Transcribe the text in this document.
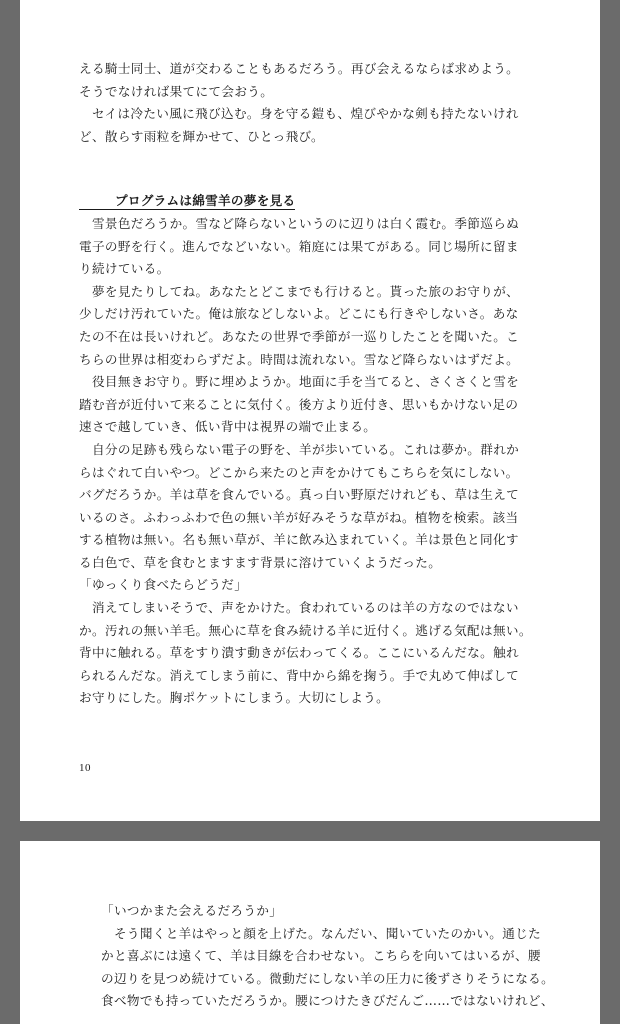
える騎士同士、道が交わることもあるだろう。再び会えるならば求めよう。
そうでなければ果てにて会おう。
　セイは冷たい風に飛び込む。身を守る鎧も、煌びやかな剣も持たないけれ
ど、散らす雨粒を輝かせて、ひとっ飛び。
プログラムは綿雪羊の夢を見る
　雪景色だろうか。雪など降らないというのに辺りは白く霞む。季節巡らぬ
電子の野を行く。進んでなどいない。箱庭には果てがある。同じ場所に留ま
り続けている。
　夢を見たりしてね。あなたとどこまでも行けると。貰った旅のお守りが、
少しだけ汚れていた。俺は旅などしないよ。どこにも行きやしないさ。あな
たの不在は長いけれど。あなたの世界で季節が一巡りしたことを聞いた。こ
ちらの世界は相変わらずだよ。時間は流れない。雪など降らないはずだよ。
　役目無きお守り。野に埋めようか。地面に手を当てると、さくさくと雪を
踏む音が近付いて来ることに気付く。後方より近付き、思いもかけない足の
速さで越していき、低い背中は視界の端で止まる。
　自分の足跡も残らない電子の野を、羊が歩いている。これは夢か。群れか
らはぐれて白いやつ。どこから来たのと声をかけてもこちらを気にしない。
バグだろうか。羊は草を食んでいる。真っ白い野原だけれども、草は生えて
いるのさ。ふわっふわで色の無い羊が好みそうな草がね。植物を検索。該当
する植物は無い。名も無い草が、羊に飲み込まれていく。羊は景色と同化す
る白色で、草を食むとますます背景に溶けていくようだった。
「ゆっくり食べたらどうだ」
　消えてしまいそうで、声をかけた。食われているのは羊の方なのではない
か。汚れの無い羊毛。無心に草を食み続ける羊に近付く。逃げる気配は無い。
背中に触れる。草をすり潰す動きが伝わってくる。ここにいるんだな。触れ
られるんだな。消えてしまう前に、背中から綿を掬う。手で丸めて伸ばして
お守りにした。胸ポケットにしまう。大切にしよう。
10
「いつかまた会えるだろうか」
　そう聞くと羊はやっと顔を上げた。なんだい、聞いていたのかい。通じた
かと喜ぶには遠くて、羊は目線を合わせない。こちらを向いてはいるが、腰
の辺りを見つめ続けている。微動だにしない羊の圧力に後ずさりそうになる。
食べ物でも持っていただろうか。腰につけたきびだんご……ではないけれど、
